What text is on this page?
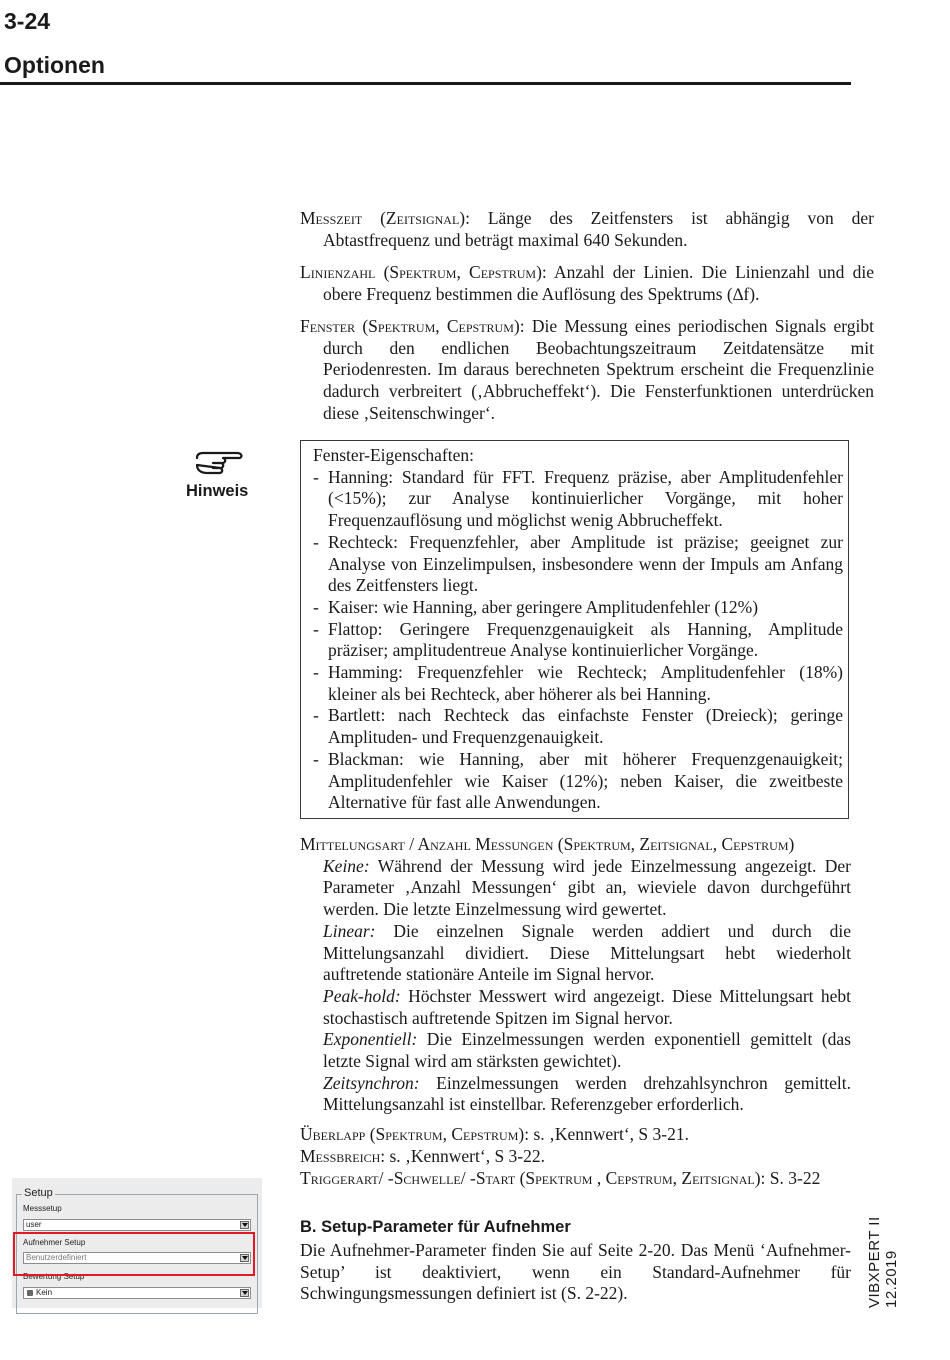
3-24
Optionen
Messzeit (Zeitsignal): Länge des Zeitfensters ist abhängig von der Abtastfrequenz und beträgt maximal 640 Sekunden.
Linienzahl (Spektrum, Cepstrum): Anzahl der Linien. Die Linienzahl und die obere Frequenz bestimmen die Auflösung des Spektrums (∆f).
Fenster (Spektrum, Cepstrum): Die Messung eines periodischen Signals ergibt durch den endlichen Beobachtungszeitraum Zeitdatensätze mit Periodenresten. Im daraus berechneten Spektrum erscheint die Frequenzlinie dadurch verbreitert (‚Abbrucheffekt‘). Die Fensterfunktionen unterdrücken diese ‚Seitenschwinger‘.
Hinweis
Fenster-Eigenschaften:
- Hanning: Standard für FFT. Frequenz präzise, aber Amplitudenfehler (<15%); zur Analyse kontinuierlicher Vorgänge, mit hoher Frequenzauflösung und möglichst wenig Abbrucheffekt.
- Rechteck: Frequenzfehler, aber Amplitude ist präzise; geeignet zur Analyse von Einzelimpulsen, insbesondere wenn der Impuls am Anfang des Zeitfensters liegt.
- Kaiser: wie Hanning, aber geringere Amplitudenfehler (12%)
- Flattop: Geringere Frequenzgenauigkeit als Hanning, Amplitude präziser; amplitudentreue Analyse kontinuierlicher Vorgänge.
- Hamming: Frequenzfehler wie Rechteck; Amplitudenfehler (18%) kleiner als bei Rechteck, aber höherer als bei Hanning.
- Bartlett: nach Rechteck das einfachste Fenster (Dreieck); geringe Amplituden- und Frequenzgenauigkeit.
- Blackman: wie Hanning, aber mit höherer Frequenzgenauigkeit; Amplitudenfehler wie Kaiser (12%); neben Kaiser, die zweitbeste Alternative für fast alle Anwendungen.
Mittelungsart / Anzahl Messungen (Spektrum, Zeitsignal, Cepstrum)

Keine: Während der Messung wird jede Einzelmessung angezeigt. Der Parameter ‚Anzahl Messungen‘ gibt an, wieviele davon durchgeführt werden. Die letzte Einzelmessung wird gewertet.

Linear: Die einzelnen Signale werden addiert und durch die Mittelungsanzahl dividiert. Diese Mittelungsart hebt wiederholt auftretende stationäre Anteile im Signal hervor.

Peak-hold: Höchster Messwert wird angezeigt. Diese Mittelungsart hebt stochastisch auftretende Spitzen im Signal hervor.

Exponentiell: Die Einzelmessungen werden exponentiell gemittelt (das letzte Signal wird am stärksten gewichtet).

Zeitsynchron: Einzelmessungen werden drehzahlsynchron gemittelt. Mittelungsanzahl ist einstellbar. Referenzgeber erforderlich.

Überlapp (Spektrum, Cepstrum): s. ‚Kennwert‘, S 3-21.
Messbreich: s. ‚Kennwert‘, S 3-22.
Triggerart/ -Schwelle/ -Start (Spektrum , Cepstrum, Zeitsignal): S. 3-22
B. Setup-Parameter für Aufnehmer
Die Aufnehmer-Parameter finden Sie auf Seite 2-20. Das Menü ‘Aufnehmer-Setup’ ist deaktiviert, wenn ein Standard-Aufnehmer für Schwingungsmessungen definiert ist (S. 2-22).	VIBXPERT II 12.2019
Setup
Messsetup
user
Aufnehmer Setup
Benutzerdefiniert
Bewertung Setup
Kein
